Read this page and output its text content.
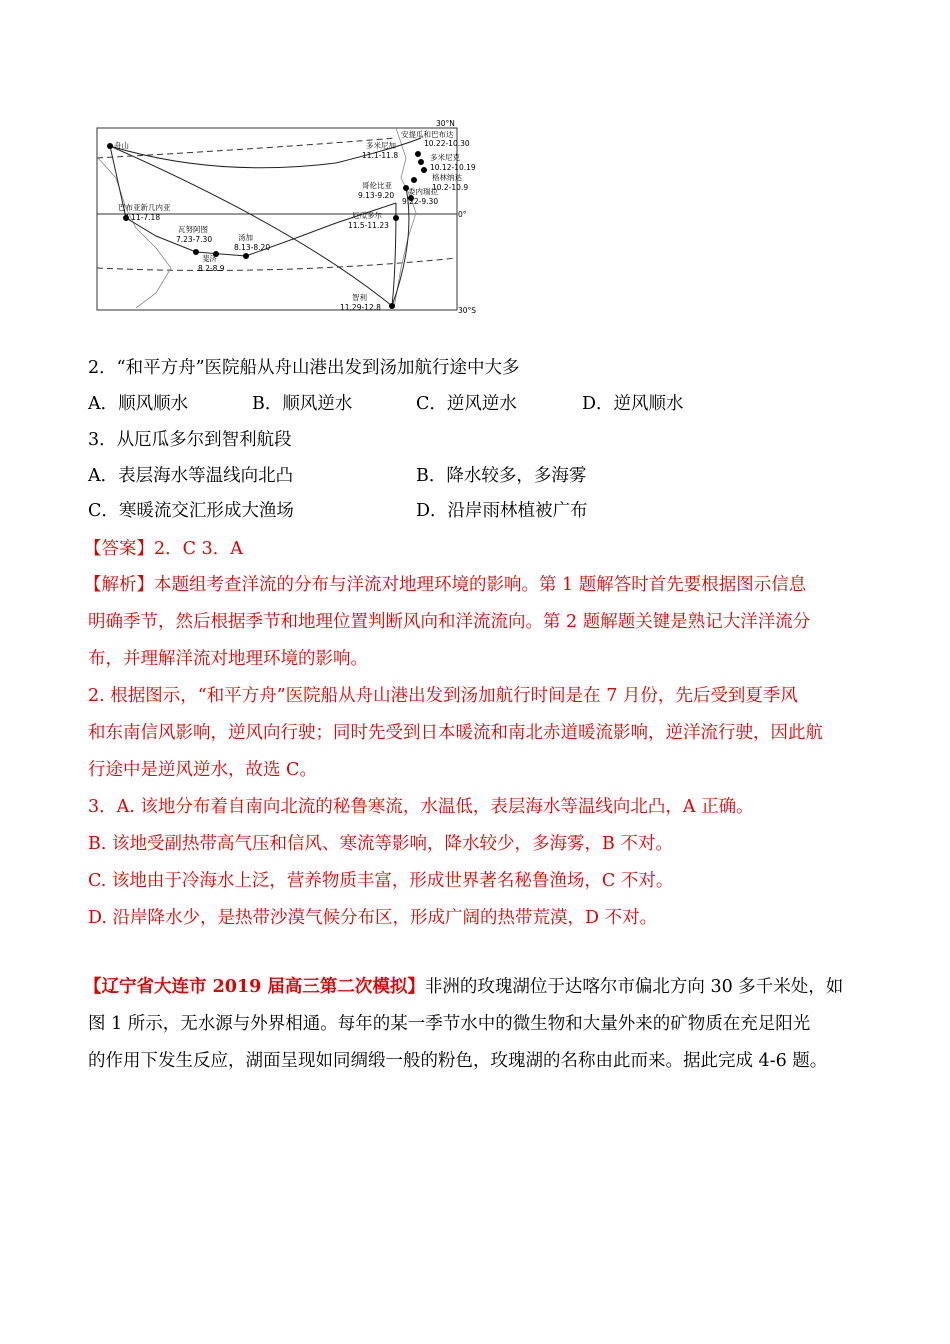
30°N
0°
30°S
舟山
安提瓜和巴布达
10.22-10.30
多米尼加
11.1-11.8	多米尼克
10.12-10.19
格林纳达
10.2-10.9
哥伦比亚
9.13-9.20 委内瑞拉
9.22-9.30
巴布亚新几内亚
7.11-7.18
瓦努阿图
7.23-7.30	汤加
8.13-8.20
斐济
8.2-8.9
厄瓜多尔
11.5-11.23
智利
11.29-12.8
2．“和平方舟”医院船从舟山港出发到汤加航行途中大多
A．顺风顺水	B．顺风逆水	C．逆风逆水	D．逆风顺水
3．从厄瓜多尔到智利航段
A．表层海水等温线向北凸	B．降水较多，多海雾
C．寒暖流交汇形成大渔场	D．沿岸雨林植被广布
【答案】2．C 3．A
【解析】本题组考查洋流的分布与洋流对地理环境的影响。第 1 题解答时首先要根据图示信息
明确季节，然后根据季节和地理位置判断风向和洋流流向。第 2 题解题关键是熟记大洋洋流分
布，并理解洋流对地理环境的影响。
2. 根据图示，“和平方舟”医院船从舟山港出发到汤加航行时间是在 7 月份，先后受到夏季风
和东南信风影响，逆风向行驶；同时先受到日本暖流和南北赤道暖流影响，逆洋流行驶，因此航
行途中是逆风逆水，故选 C。
3．A. 该地分布着自南向北流的秘鲁寒流，水温低，表层海水等温线向北凸，A 正确。
B. 该地受副热带高气压和信风、寒流等影响，降水较少，多海雾，B 不对。
C. 该地由于冷海水上泛，营养物质丰富，形成世界著名秘鲁渔场，C 不对。
D. 沿岸降水少，是热带沙漠气候分布区，形成广阔的热带荒漠，D 不对。
【辽宁省大连市 2019 届高三第二次模拟】非洲的玫瑰湖位于达喀尔市偏北方向 30 多千米处，如
图 1 所示，无水源与外界相通。每年的某一季节水中的微生物和大量外来的矿物质在充足阳光
的作用下发生反应，湖面呈现如同绸缎一般的粉色，玫瑰湖的名称由此而来。据此完成 4-6 题。
